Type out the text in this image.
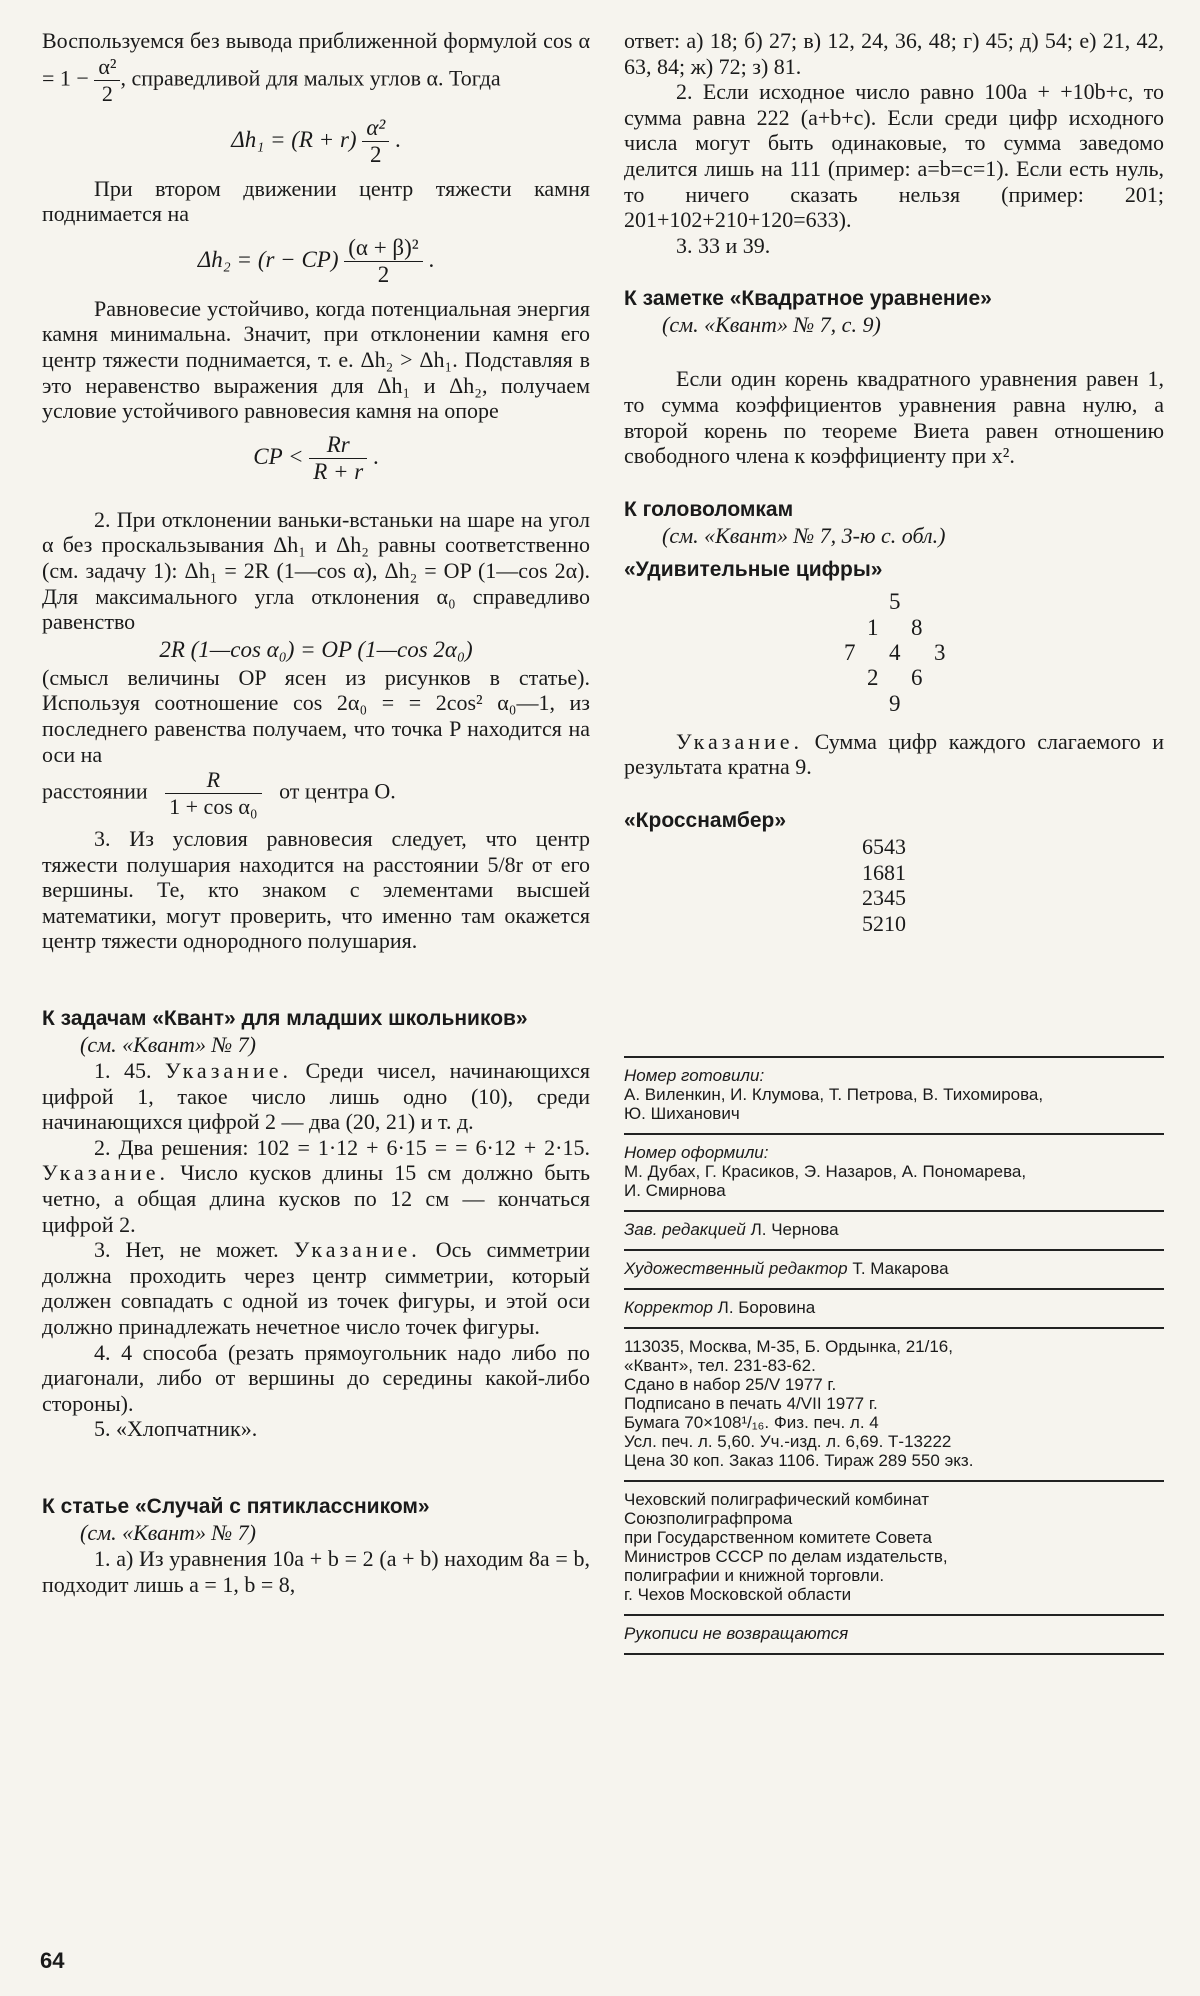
Воспользуемся без вывода приближенной формулой $\cos \alpha = 1 - \frac{\text{α²}}{2}$ , справедливой для малых углов α. Тогда

$\Delta h_1 = (R + r) \frac{\text{α²}}{2}$ .

При втором движении центр тяжести камня поднимается на

$\Delta h_2 = (r - CP) \frac{\text{(α + β)²}}{2}$ .

Равновесие устойчиво, когда потенциальная энергия камня минимальна. Значит, при отклонении камня его центр тяжести поднимается, т. е. Δh₂ > Δh₁. Подставляя в это неравенство выражения для Δh₁ и Δh₂, получаем условие устойчивого равновесия камня на опоре

CP < $\frac{Rr}{R + r}$ .

2. При отклонении ваньки-встаньки на шаре на угол α без проскальзывания Δh₁ и Δh₂ равны соответственно (см. задачу 1): Δh₁ = 2R (1—cos α), Δh₂ = OP (1—cos 2α). Для максимального угла отклонения α₀ справедливо равенство

2R (1—cos α₀) = OP (1—cos 2α₀)

(смысл величины OP ясен из рисунков в статье). Используя соотношение cos 2α₀ = = 2cos² α₀—1, из последнего равенства получаем, что точка P находится на оси на

расстоянии $\frac{R}{\text{1 + cos α₀}}$ от центра O.

3. Из условия равновесия следует, что центр тяжести полушария находится на расстоянии 5/8r от его вершины. Те, кто знаком с элементами высшей математики, могут проверить, что именно там окажется центр тяжести однородного полушария.

К задачам «Квант» для младших школьников»

(см. «Квант» № 7)

1. 45. Указание. Среди чисел, начинающихся цифрой 1, такое число лишь одно (10), среди начинающихся цифрой 2 — два (20, 21) и т. д.

2. Два решения: 102 = 1·12 + 6·15 = = 6·12 + 2·15. Указание. Число кусков длины 15 см должно быть четно, а общая длина кусков по 12 см — кончаться цифрой 2.

3. Нет, не может. Указание. Ось симметрии должна проходить через центр симметрии, который должен совпадать с одной из точек фигуры, и этой оси должно принадлежать нечетное число точек фигуры.

4. 4 способа (резать прямоугольник надо либо по диагонали, либо от вершины до середины какой-либо стороны).

5. «Хлопчатник».

К статье «Случай с пятиклассником»

(см. «Квант» № 7)

1. а) Из уравнения 10a + b = 2 (a + b) находим 8a = b, подходит лишь a = 1, b = 8,

ответ: а) 18; б) 27; в) 12, 24, 36, 48; г) 45; д) 54; е) 21, 42, 63, 84; ж) 72; з) 81.

2. Если исходное число равно 100a + +10b+c, то сумма равна 222 (a+b+c). Если среди цифр исходного числа могут быть одинаковые, то сумма заведомо делится лишь на 111 (пример: a=b=c=1). Если есть нуль, то ничего сказать нельзя (пример: 201; 201+102+210+120=633).

3. 33 и 39.

К заметке «Квадратное уравнение»

(см. «Квант» № 7, с. 9)

Если один корень квадратного уравнения равен 1, то сумма коэффициентов уравнения равна нулю, а второй корень по теореме Виета равен отношению свободного члена к коэффициенту при x².

К головоломкам

(см. «Квант» № 7, 3-ю с. обл.)

«Удивительные цифры»
5
1 8
7 4 3
2 6
9

Указание. Сумма цифр каждого слагаемого и результата кратна 9.

«Кросснамбер»
6543
1681
2345
5210

Номер готовили:

А. Виленкин, И. Клумова, Т. Петрова, В. Тихомирова, Ю. Шиханович

Номер оформили:

М. Дубах, Г. Красиков, Э. Назаров, А. Пономарева, И. Смирнова

Зав. редакцией Л. Чернова

Художественный редактор Т. Макарова

Корректор Л. Боровина

113035, Москва, М-35, Б. Ордынка, 21/16,

«Квант», тел. 231-83-62.

Сдано в набор 25/V 1977 г.

Подписано в печать 4/VII 1977 г.

Бумага 70×108¹/₁₆. Физ. печ. л. 4

Усл. печ. л. 5,60. Уч.-изд. л. 6,69. Т-13222

Цена 30 коп. Заказ 1106. Тираж 289 550 экз.

Чеховский полиграфический комбинат

Союзполиграфпрома

при Государственном комитете Совета

Министров СССР по делам издательств,

полиграфии и книжной торговли.

г. Чехов Московской области

Рукописи не возвращаются

64
